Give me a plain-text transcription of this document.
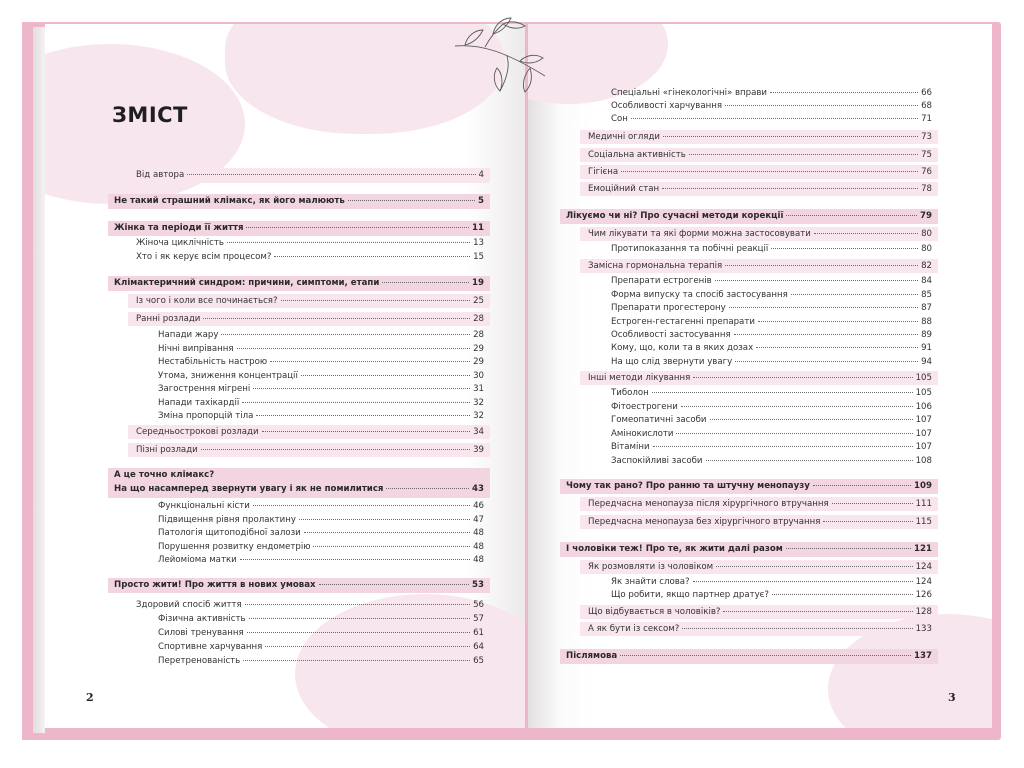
ЗМІСТ
Від автора	4
Не такий страшний клімакс, як його малюють	5
Жінка та періоди її життя	11
Жіноча циклічність	13
Хто і як керує всім процесом?	15
Клімактеричний синдром: причини, симптоми, етапи	19
Із чого і коли все починається?	25
Ранні розлади	28
Напади жару	28
Нічні випрівання	29
Нестабільність настрою	29
Утома, зниження концентрації	30
Загострення мігрені	31
Напади тахікардії	32
Зміна пропорцій тіла	32
Середньострокові розлади	34
Пізні розлади	39
А це точно клімакс?
На що насамперед звернути увагу і як не помилитися	43
Функціональні кісти	46
Підвищення рівня пролактину	47
Патологія щитоподібної залози	48
Порушення розвитку ендометрію	48
Лейоміома матки	48
Просто жити! Про життя в нових умовах	53
Здоровий спосіб життя	56
Фізична активність	57
Силові тренування	61
Спортивне харчування	64
Перетренованість	65
2
Спеціальні «гінекологічні» вправи	66
Особливості харчування	68
Сон	71
Медичні огляди	73
Соціальна активність	75
Гігієна	76
Емоційний стан	78
Лікуємо чи ні? Про сучасні методи корекції	79
Чим лікувати та які форми можна застосовувати	80
Протипоказання та побічні реакції	80
Замісна гормональна терапія	82
Препарати естрогенів	84
Форма випуску та спосіб застосування	85
Препарати прогестерону	87
Естроген-гестагенні препарати	88
Особливості застосування	89
Кому, що, коли та в яких дозах	91
На що слід звернути увагу	94
Інші методи лікування	105
Тиболон	105
Фітоестрогени	106
Гомеопатичні засоби	107
Амінокислоти	107
Вітаміни	107
Заспокійливі засоби	108
Чому так рано? Про ранню та штучну менопаузу	109
Передчасна менопауза після хірургічного втручання	111
Передчасна менопауза без хірургічного втручання	115
І чоловіки теж! Про те, як жити далі разом	121
Як розмовляти із чоловіком	124
Як знайти слова?	124
Що робити, якщо партнер дратує?	126
Що відбувається в чоловіків?	128
А як бути із сексом?	133
Післямова	137
3
